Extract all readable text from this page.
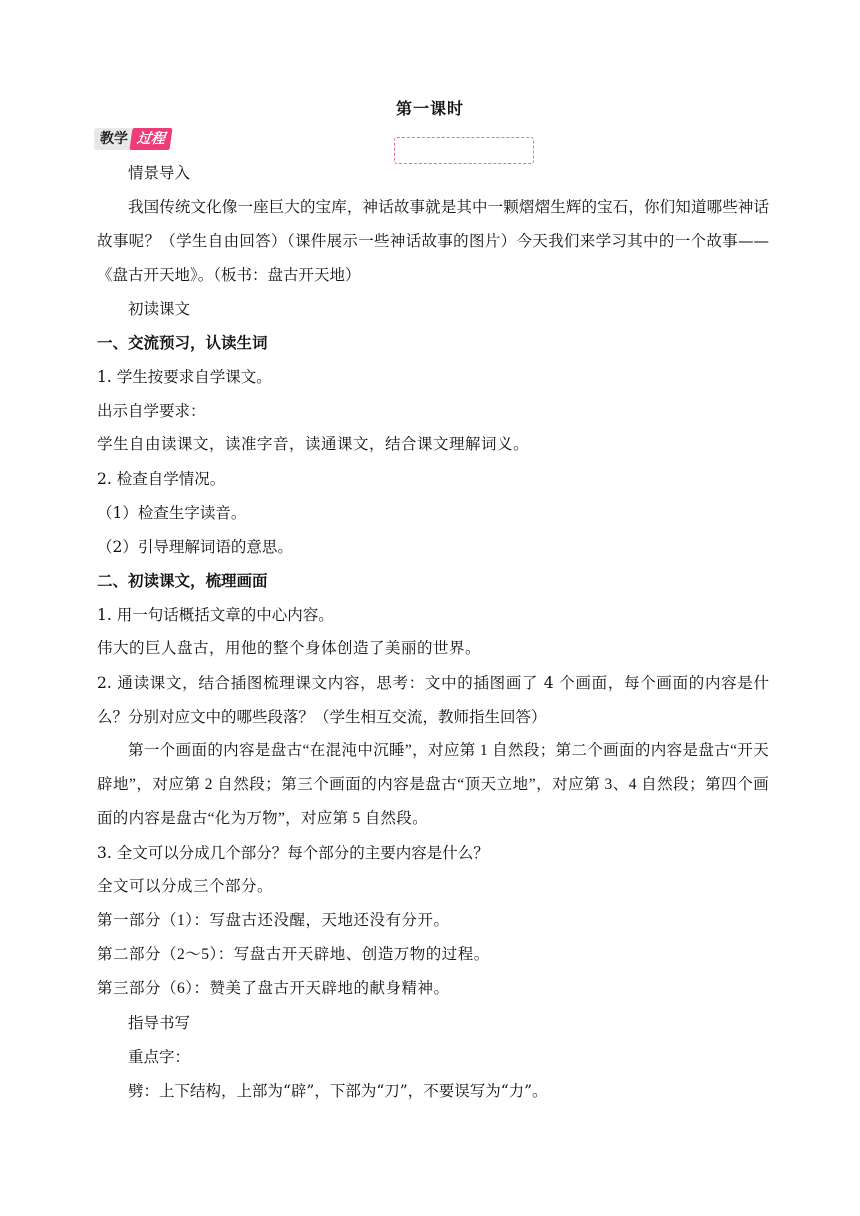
第一课时
教学 过程
情景导入
我国传统文化像一座巨大的宝库，神话故事就是其中一颗熠熠生辉的宝石，你们知道哪些神话故事呢？（学生自由回答）（课件展示一些神话故事的图片）今天我们来学习其中的一个故事——《盘古开天地》。（板书：盘古开天地）
初读课文
一、交流预习，认读生词
1. 学生按要求自学课文。
出示自学要求：
学生自由读课文，读准字音，读通课文，结合课文理解词义。
2. 检查自学情况。
（1）检查生字读音。
（2）引导理解词语的意思。
二、初读课文，梳理画面
1. 用一句话概括文章的中心内容。
伟大的巨人盘古，用他的整个身体创造了美丽的世界。
2. 通读课文，结合插图梳理课文内容，思考：文中的插图画了 4 个画面，每个画面的内容是什么？分别对应文中的哪些段落？（学生相互交流，教师指生回答）
第一个画面的内容是盘古“在混沌中沉睡”，对应第 1 自然段；第二个画面的内容是盘古“开天辟地”，对应第 2 自然段；第三个画面的内容是盘古“顶天立地”，对应第 3、4 自然段；第四个画面的内容是盘古“化为万物”，对应第 5 自然段。
3. 全文可以分成几个部分？每个部分的主要内容是什么？
全文可以分成三个部分。
第一部分（1）：写盘古还没醒，天地还没有分开。
第二部分（2～5）：写盘古开天辟地、创造万物的过程。
第三部分（6）：赞美了盘古开天辟地的献身精神。
指导书写
重点字：
劈：上下结构，上部为“辟”，下部为“刀”，不要误写为“力”。
